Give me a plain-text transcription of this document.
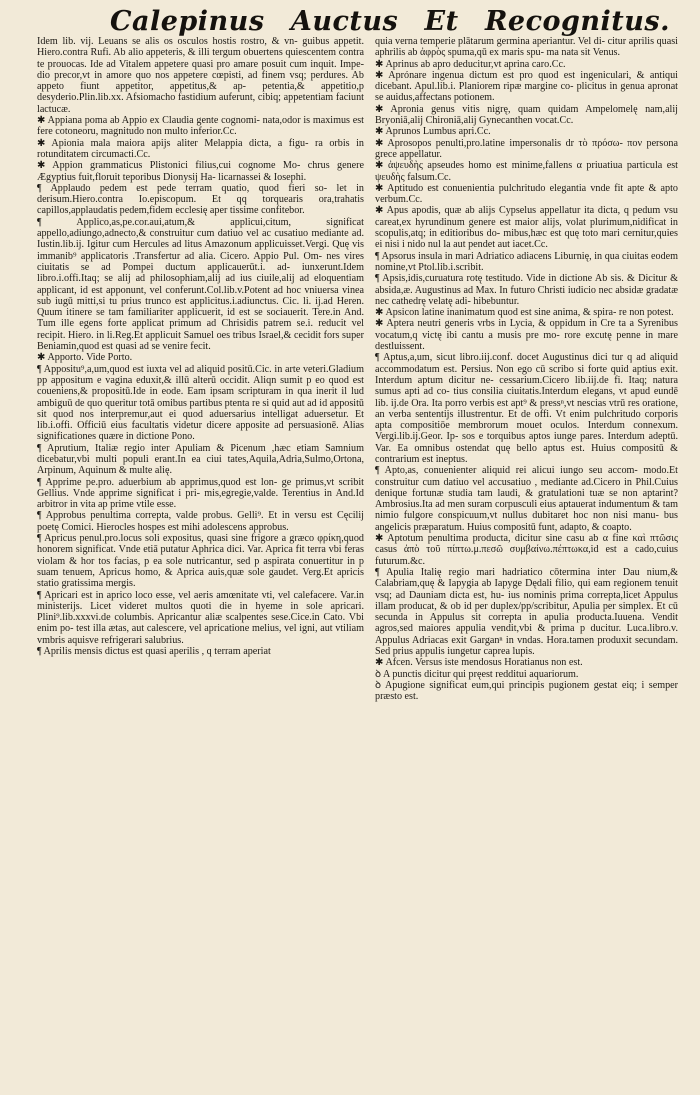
Calepinus Auctus Et Recognitus.

Idem lib. vij. Leuans se alis os osculos hostis rostro, & vn- guibus appetit. Hiero.contra Rufi. Ab alio appeteris, & illi tergum obuertens quiescentem contra te prouocas. Ide ad Vitalem appetere quasi pro amare posuit cum inquit. Impe- dio precor,vt in amore quo nos appetere cœpisti, ad finem vsq; perdures. Ab appeto fiunt appetitor, appetitus,& ap- petentia,& appetitio,p desyderio.Plin.lib.xx. Afsiomacho fastidium auferunt, cibiq; appetentiam faciunt lactucæ.

✱ Appiana poma ab Appio ex Claudia gente cognomi- nata,odor is maximus est fere cotoneoru, magnitudo non multo inferior.Cc.

✱ Apionia mala maiora apijs aliter Melappia dicta, a figu- ra orbis in rotunditatem circumacti.Cc.

✱ Appion grammaticus Plistonici filius,cui cognome Mo- chrus genere Ægyptius fuit,floruit teporibus Dionysij Ha- licarnassei & Iosephi.

¶ Applaudo pedem est pede terram quatio, quod fieri so- let in derisum.Hiero.contra Io.episcopum. Et qq torquearis ora,trahatis capillos,applaudatis pedem,fidem ecclesię aper tissime confitebor.

¶ Applico,as,pe.cor.aui,atum,& applicui,citum, significat appello,adiungo,adnecto,& construitur cum datiuo vel ac cusatiuo mediante ad. Iustin.lib.ij. Igitur cum Hercules ad litus Amazonum applicuisset.Vergi. Quę vis immanib⁹ applicatoris .Transfertur ad alia. Cicero. Appio Pul. Om- nes vires ciuitatis se ad Pompei ductum applicauerūt.i. ad- iunxerunt.Idem libro.i.offi.Itaq; se alij ad philosophiam,alij ad ius ciuile,alij ad eloquentiam applicant, id est apponunt, vel conferunt.Col.lib.v.Potent ad hoc vniuersa vinea sub iugū mitti,si tu prius trunco est applicitus.i.adiunctus. Cic. li. ij.ad Heren. Quum itinere se tam familiariter applicuerit, id est se sociauerit. Tere.in And. Tum ille egens forte applicat primum ad Chrisidis patrem se.i. reducit vel recipit. Hiero. in li.Reg.Et applicuit Samuel oes tribus Israel,& cecidit fors super Beniamin,quod est quasi ad se venire fecit.

✱ Apporto. Vide Porto.

¶ Appositu⁹,a,um,quod est iuxta vel ad aliquid positū.Cic. in arte veteri.Gladium pp appositum e vagina eduxit,& illū alterū occidit. Aliqn sumit p eo quod est coueniens,& propositū.Ide in eode. Eam ipsam scripturam in qua inerit il lud ambiguū de quo queritur totā omibus partibus ptenta re si quid aut ad id appositū sit quod nos interpremur,aut ei quod aduersarius intelligat aduersetur. Et lib.i.offi. Officiū eius facultatis videtur dicere apposite ad persuasionē. Alias significationes quære in dictione Pono.

¶ Aprutium, Italiæ regio inter Apuliam & Picenum ,hæc etiam Samnium dicebatur,vbi multi populi erant.In ea ciui tates,Aquila,Adria,Sulmo,Ortona, Arpinum, Aquinum & multe alię.

¶ Apprime pe.pro. aduerbium ab apprimus,quod est lon- ge primus,vt scribit Gellius. Vnde apprime significat i pri- mis,egregie,valde. Terentius in And.Id arbitror in vita ap prime vtile esse.

¶ Approbus penultima correpta, valde probus. Gelli⁹. Et in versu est Cęcilij poetę Comici. Hierocles hospes est mihi adolescens approbus.

¶ Apricus penul.pro.locus soli expositus, quasi sine frigore a græco φρίκη,quod honorem significat. Vnde etiā putatur Aphrica dici. Var. Aprica fit terra vbi feras violam & hor tos facias, p ea sole nutricantur, sed p aspirata conuertitur in p suam tenuem, Apricus homo, & Aprica auis,quæ sole gaudet. Verg.Et apricis statio gratissima mergis.

¶ Apricari est in aprico loco esse, vel aeris amœnitate vti, vel calefacere. Var.in ministerijs. Licet videret multos quoti die in hyeme in sole apricari. Plini⁹.lib.xxxvi.de columbis. Apricantur aliæ scalpentes sese.Cice.in Cato. Vbi enim po- test illa ætas, aut calescere, vel apricatione melius, vel igni, aut vtiliam vmbris aquisve refrigerari salubrius.

¶ Aprilis mensis dictus est quasi aperilis , q terram aperiat

quia verna temperie plātarum germina aperiantur. Vel di- citur aprilis quasi aphrilis ab ἀφρὸς spuma,qū ex maris spu- ma nata sit Venus.

✱ Aprinus ab apro deducitur,vt aprina caro.Cc.

✱ Aprónare ingenua dictum est pro quod est ingeniculari, & antiqui dicebant. Apul.lib.i. Planiorem ripæ margine co- plicitus in genua apronat se auidus,affectans potionem.

✱ Apronia genus vitis nigrę, quam quidam Ampelomelę nam,alij Bryoniā,alij Chironiā,alij Gynecanthen vocat.Cc.

✱ Aprunos Lumbus apri.Cc.

✱ Aprosopos penulti,pro.latine impersonalis dr τὸ πρόσω- πον persona grece appellatur.

✱ ἀψευδὴς apseudes homo est minime,fallens α priuatiua particula est ψευδὴς falsum.Cc.

✱ Aptitudo est conuenientia pulchritudo elegantia vnde fit apte & apto verbum.Cc.

✱ Apus apodis, quæ ab alijs Cypselus appellatur ita dicta, q pedum vsu careat,ex hyrundinum genere est maior alijs, volat plurimum,nidificat in scopulis,atq; in editioribus do- mibus,hæc est quę toto mari cernitur,quies ei nisi i nido nul la aut pendet aut iacet.Cc.

¶ Apsorus insula in mari Adriatico adiacens Liburnię, in qua ciuitas eodem nomine,vt Ptol.lib.i.scribit.

¶ Apsis,idis,curuatura rotę testitudo. Vide in dictione Ab sis. & Dicitur & absida,æ. Augustinus ad Max. In futuro Christi iudicio nec absidæ gradatæ nec cathedrę velatę adi- hibebuntur.

✱ Apsicon latine inanimatum quod est sine anima, & spira- re non potest.

✱ Aptera neutri generis vrbs in Lycia, & oppidum in Cre ta a Syrenibus vocatum,q victę ibi cantu a musis pre mo- rore excutę penne in mare destluissent.

¶ Aptus,a,um, sicut libro.iij.conf. docet Augustinus dici tur q ad aliquid accommodatum est. Persius. Non ego cū scribo si forte quid aptius exit. Interdum aptum dicitur ne- cessarium.Cicero lib.iij.de fi. Itaq; natura sumus apti ad co- tius consilia ciuitatis.Interdum elegans, vt apud eundē lib. ij.de Ora. Ita porro verbis est apt⁹ & pressⁿ,vt nescias vtrū res oratione, an verba sententijs illustrentur. Et de offi. Vt enim pulchritudo corporis apta compositiōe membrorum mouet oculos. Interdum connexum. Vergi.lib.ij.Geor. Ip- sos e torquibus aptos iunge pares. Interdum adeptū. Var. Ea omnibus ostendat quę bello aptus est. Huius compositū & contrarium est ineptus.

¶ Apto,as, conuenienter aliquid rei alicui iungo seu accom- modo.Et construitur cum datiuo vel accusatiuo , mediante ad.Cicero in Phil.Cuius denique fortunæ studia tam laudi, & gratulationi tuæ se non aptarint? Ambrosius.Ita ad men suram corpusculi eius aptauerat indumentum & tam nimio fulgore conspicuum,vt nullus dubitaret hoc non nisi manu- bus angelicis præparatum. Huius compositū funt, adapto, & coapto.

✱ Aptotum penultima producta, dicitur sine casu ab α fine καὶ πτῶσις casus ἀπὸ τοῦ πίπτω.μ.πεσῶ συμβαίνω.πέπτωκα,id est a cado,cuius futurum.&c.

¶ Apulia Italię regio mari hadriatico cōtermina inter Dau nium,& Calabriam,quę & Iapygia ab Iapyge Dędali filio, qui eam regionem tenuit vsq; ad Dauniam dicta est, hu- ius nominis prima correpta,licet Appulus illam producat, & ob id per duplex/pp/scribitur, Apulia per simplex. Et cū secunda in Appulus sit correpta in apulia producta.Iuuena. Vendit agros,sed maiores appulia vendit,vbi & prima p ducitur. Luca.libro.v. Appulus Adriacas exit Garganⁿ in vndas. Hora.tamen produxit secundam. Sed prius appulis iungetur caprea lupis.

✱ Afcen. Versus iste mendosus Horatianus non est.

ꝺ A punctis dicitur qui pręest redditui aquariorum.

ꝺ Apugione significat eum,qui principis pugionem gestat eiq; i semper præsto est.
